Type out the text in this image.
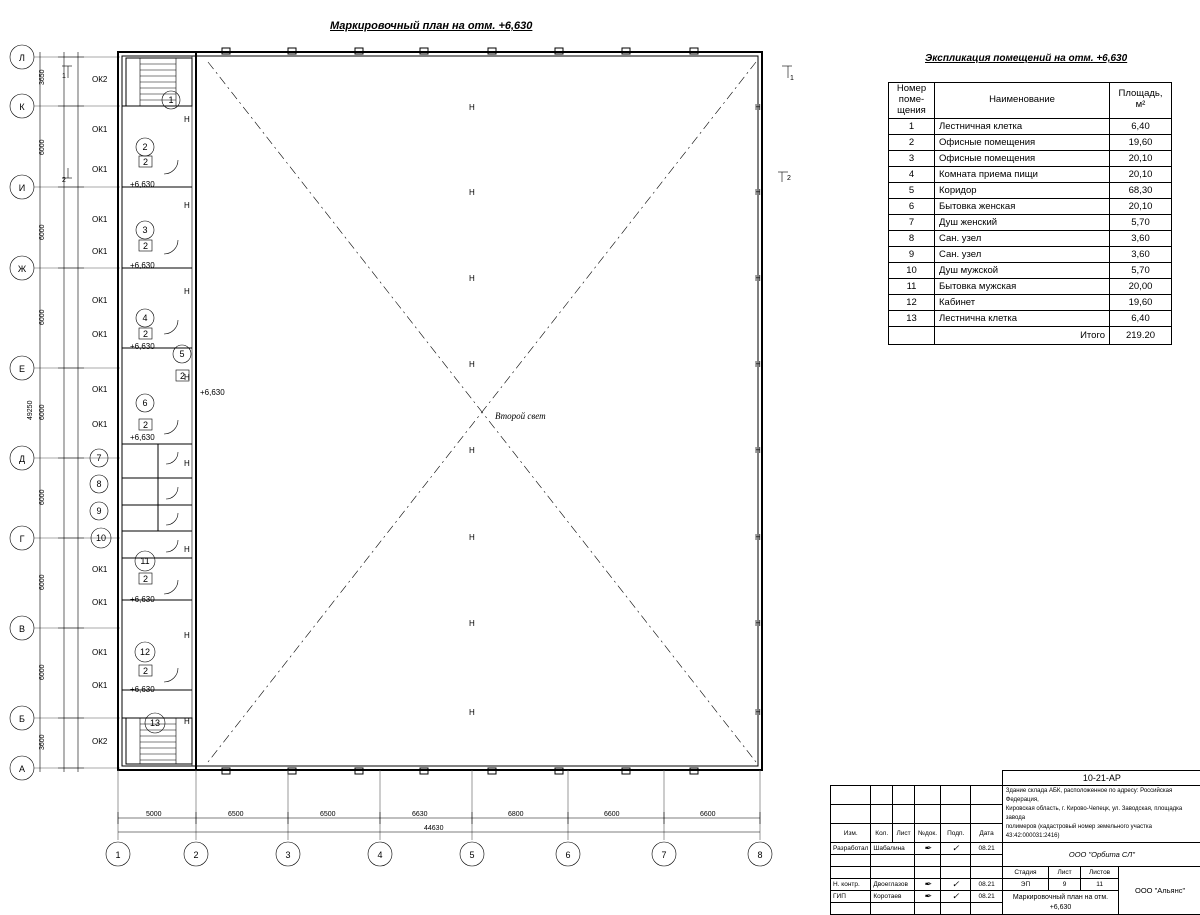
Маркировочный план на отм. +6,630
Экспликация помещений на отм. +6,630
Номер
поме-
щения	Наименование	Площадь,
м²
1	Лестничная клетка	6,40
2	Офисные помещения	19,60
3	Офисные помещения	20,10
4	Комната приема пищи	20,10
5	Коридор	68,30
6	Бытовка женская	20,10
7	Душ женский	5,70
8	Сан. узел	3,60
9	Сан. узел	3,60
10	Душ мужской	5,70
11	Бытовка мужская	20,00
12	Кабинет	19,60
13	Лестнична клетка	6,40
	Итого	219.20
Л
К
И
Ж
Е
Д
Г
В
Б
А
3650
6000
6000
6000
6000
6000
6000
6000
3600
49250
Н
Н
Н
Н
Н
Н
Н
Н
Н
Н
Н
Н
Н
Н
Н
Н
Н
Н
Н
Н
Н
Н
Н
Н
Второй свет
ОК2
ОК1
ОК1
ОК1
ОК1
ОК1
ОК1
ОК1
ОК1
ОК1
ОК1
ОК1
ОК1
ОК2
+6,630
+6,630
+6,630
+6,630
+6,630
+6,630
+6,630
1
2
3
4
5
6
7
8
9
10
11
12
13
2
2
2
2
2
2
2
1
2
1
2
5000	6500	6500	6630	6800	6600	6600
44630
1	2	3	4	5	6	7	8
						10-21-АР			
						Здание склада АБК, расположенное по адресу: Российская Федерация,
Кировская область, г. Кирово-Чепецк, ул. Заводская, площадка завода
полимеров (кадастровый номер земельного участка 43:42:000031:2416)			

Изм.	Кол.	Лист	№док.	Подп.	Дата				
Разработал	Шабалина		✒	✓	08.21	ООО "Орбита СЛ"			

						Стадия	Лист	Листов	ООО "Альянс"
Н. контр.	Двоеглазов		✒	✓	08.21	ЭП	9	11	
ГИП	Коротаев		✒	✓	08.21	Маркировочный план на отм.
+6,630			
